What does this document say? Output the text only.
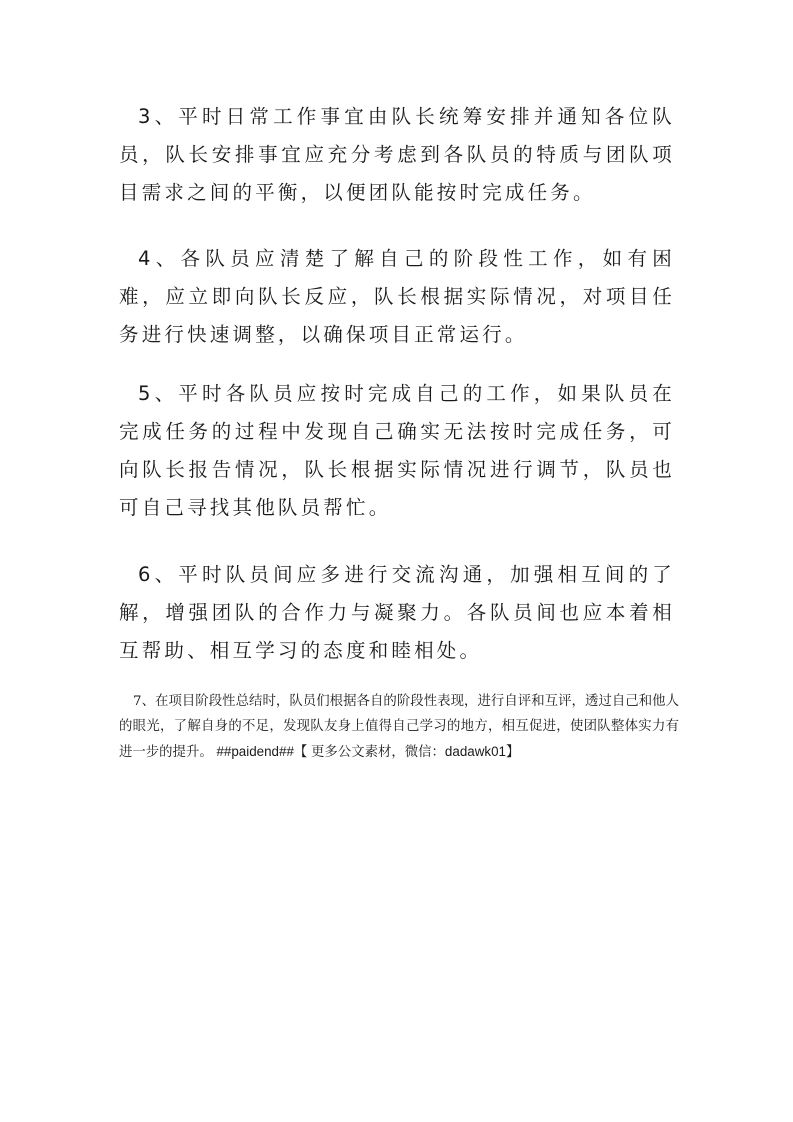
3、平时日常工作事宜由队长统筹安排并通知各位队员，队长安排事宜应充分考虑到各队员的特质与团队项目需求之间的平衡，以便团队能按时完成任务。

4、各队员应清楚了解自己的阶段性工作，如有困难，应立即向队长反应，队长根据实际情况，对项目任务进行快速调整，以确保项目正常运行。

5、平时各队员应按时完成自己的工作，如果队员在完成任务的过程中发现自己确实无法按时完成任务，可向队长报告情况，队长根据实际情况进行调节，队员也可自己寻找其他队员帮忙。

6、平时队员间应多进行交流沟通，加强相互间的了解，增强团队的合作力与凝聚力。各队员间也应本着相互帮助、相互学习的态度和睦相处。

7、在项目阶段性总结时，队员们根据各自的阶段性表现，进行自评和互评，透过自己和他人的眼光，了解自身的不足，发现队友身上值得自己学习的地方，相互促进，使团队整体实力有进一步的提升。 ##paidend##【 更多公文素材，微信：dadawk01】
